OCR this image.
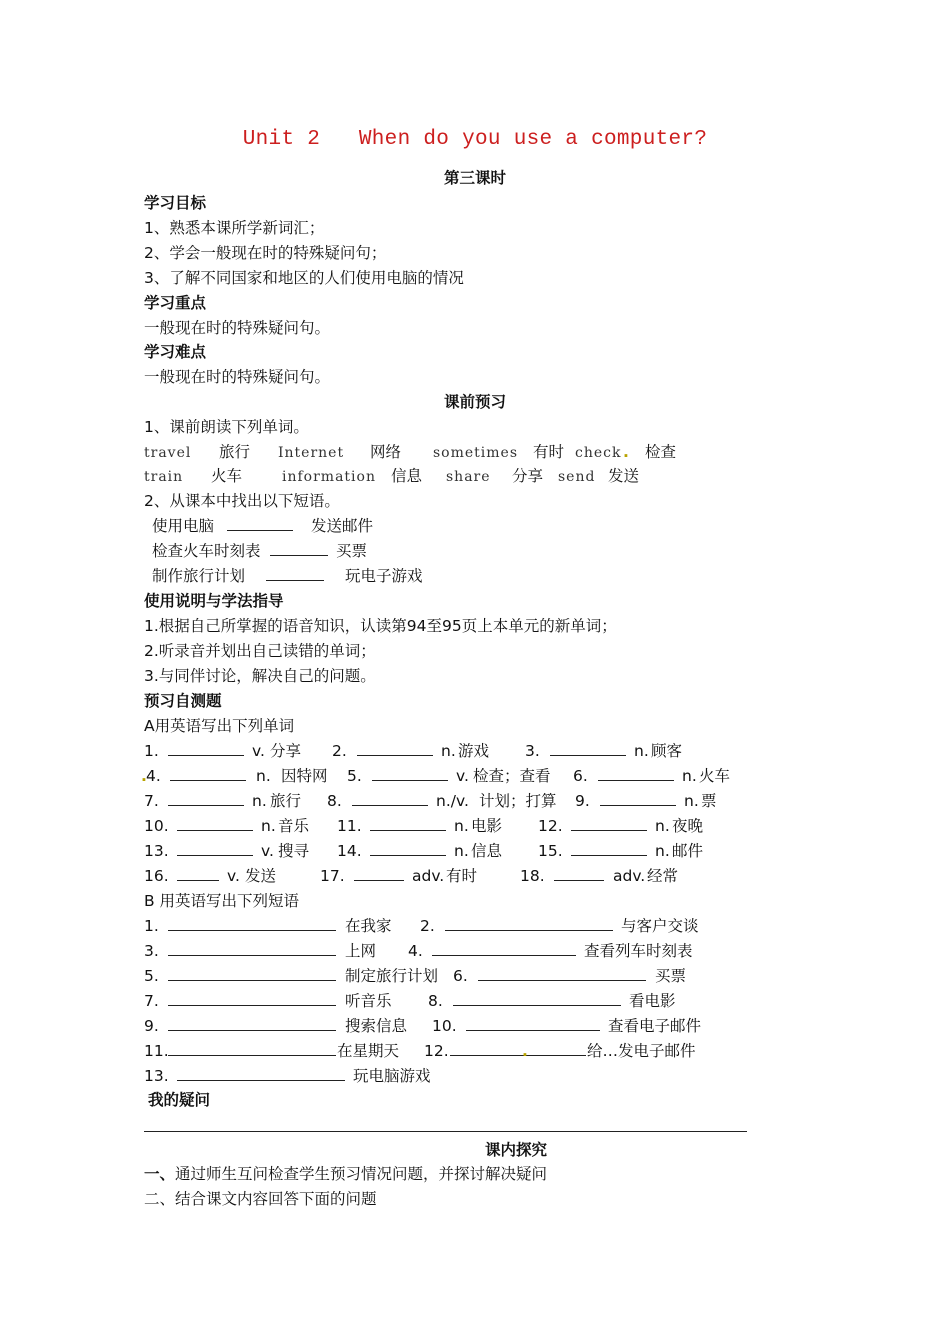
Unit 2   When do you use a computer?
第三课时
学习目标
1、熟悉本课所学新词汇；
2、学会一般现在时的特殊疑问句；
3、了解不同国家和地区的人们使用电脑的情况
学习重点
一般现在时的特殊疑问句。
学习难点
一般现在时的特殊疑问句。
课前预习
1、课前朗读下列单词。
travel 旅行 Internet 网络 sometimes 有时 check . 检查
train 火车	information 信息 share 分享 send 发送
2、从课本中找出以下短语。
使用电脑	发送邮件
检查火车时刻表	买票
制作旅行计划	玩电子游戏
使用说明与学法指导
1.根据自己所掌握的语音知识，认读第94至95页上本单元的新单词；
2.听录音并划出自己读错的单词；
3.与同伴讨论，解决自己的问题。
预习自测题
A用英语写出下列单词
1.	v. 分享 2.	n. 游戏 3.	n. 顾客
. 4.	n. 因特网 5.	v. 检查；查看 6.	n. 火车
7.	n. 旅行 8.	n./v. 计划；打算 9.	n. 票
10.	n. 音乐 11.	n. 电影 12.	n. 夜晚
13.	v. 搜寻 14.	n. 信息 15.	n. 邮件
16.	v. 发送	17.	adv. 有时	18.	adv. 经常
B 用英语写出下列短语
1.	在我家 2.	与客户交谈
3.	上网 4.	查看列车时刻表
5.	制定旅行计划 6.	买票
7.	听音乐 8.	看电影
9.	搜索信息 10.	查看电子邮件
11.	在星期天 12.	.	给…发电子邮件
13.	玩电脑游戏
我的疑问
课内探究
一、通过师生互问检查学生预习情况问题，并探讨解决疑问
二、结合课文内容回答下面的问题
